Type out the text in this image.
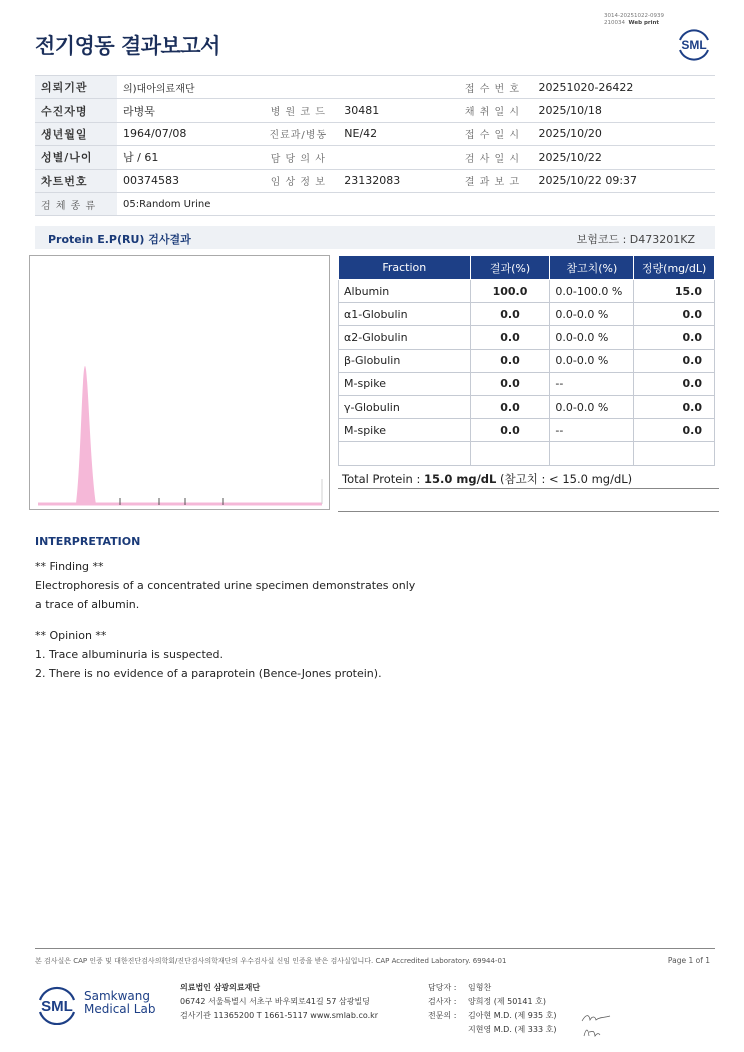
전기영동 결과보고서
3014-20251022-0939
210034 Web print
SML
의뢰기관	의)대아의료재단			접 수 번 호	20251020-26422
수진자명	라병묵	병 원 코 드	30481	채 취 일 시	2025/10/18
생년월일	1964/07/08	진료과/병동	NE/42	접 수 일 시	2025/10/20
성별/나이	남 / 61	담 당 의 사		검 사 일 시	2025/10/22
차트번호	00374583	임 상 정 보	23132083	결 과 보 고	2025/10/22 09:37
검 체 종 류	05:Random Urine				
Protein E.P(RU) 검사결과	보험코드 : D473201KZ
Fraction	결과(%)	참고치(%)	정량(mg/dL)
Albumin	100.0	0.0-100.0 %	15.0
α1-Globulin	0.0	0.0-0.0 %	0.0
α2-Globulin	0.0	0.0-0.0 %	0.0
β-Globulin	0.0	0.0-0.0 %	0.0
M-spike	0.0	--	0.0
γ-Globulin	0.0	0.0-0.0 %	0.0
M-spike	0.0	--	0.0

Total Protein : 15.0 mg/dL (참고치 : < 15.0 mg/dL)
INTERPRETATION

** Finding **

Electrophoresis of a concentrated urine specimen demonstrates only

a trace of albumin.

** Opinion **

1. Trace albuminuria is suspected.

2. There is no evidence of a paraprotein (Bence-Jones protein).

본 검사실은 CAP 인증 및 대한진단검사의학회/진단검사의학재단의 우수검사실 신임 인증을 받은 검사실입니다. CAP Accredited Laboratory. 69944-01	Page 1 of 1
SML
Samkwang
Medical Lab
의료법인 삼광의료재단
06742 서울특별시 서초구 바우뫼로41길 57 삼광빌딩
검사기관 11365200 T 1661-5117 www.smlab.co.kr
담당자 : 임형찬
검사자 : 양희정 (제 50141 호)
전문의 : 김아현 M.D. (제 935 호)
지현영 M.D. (제 333 호)
